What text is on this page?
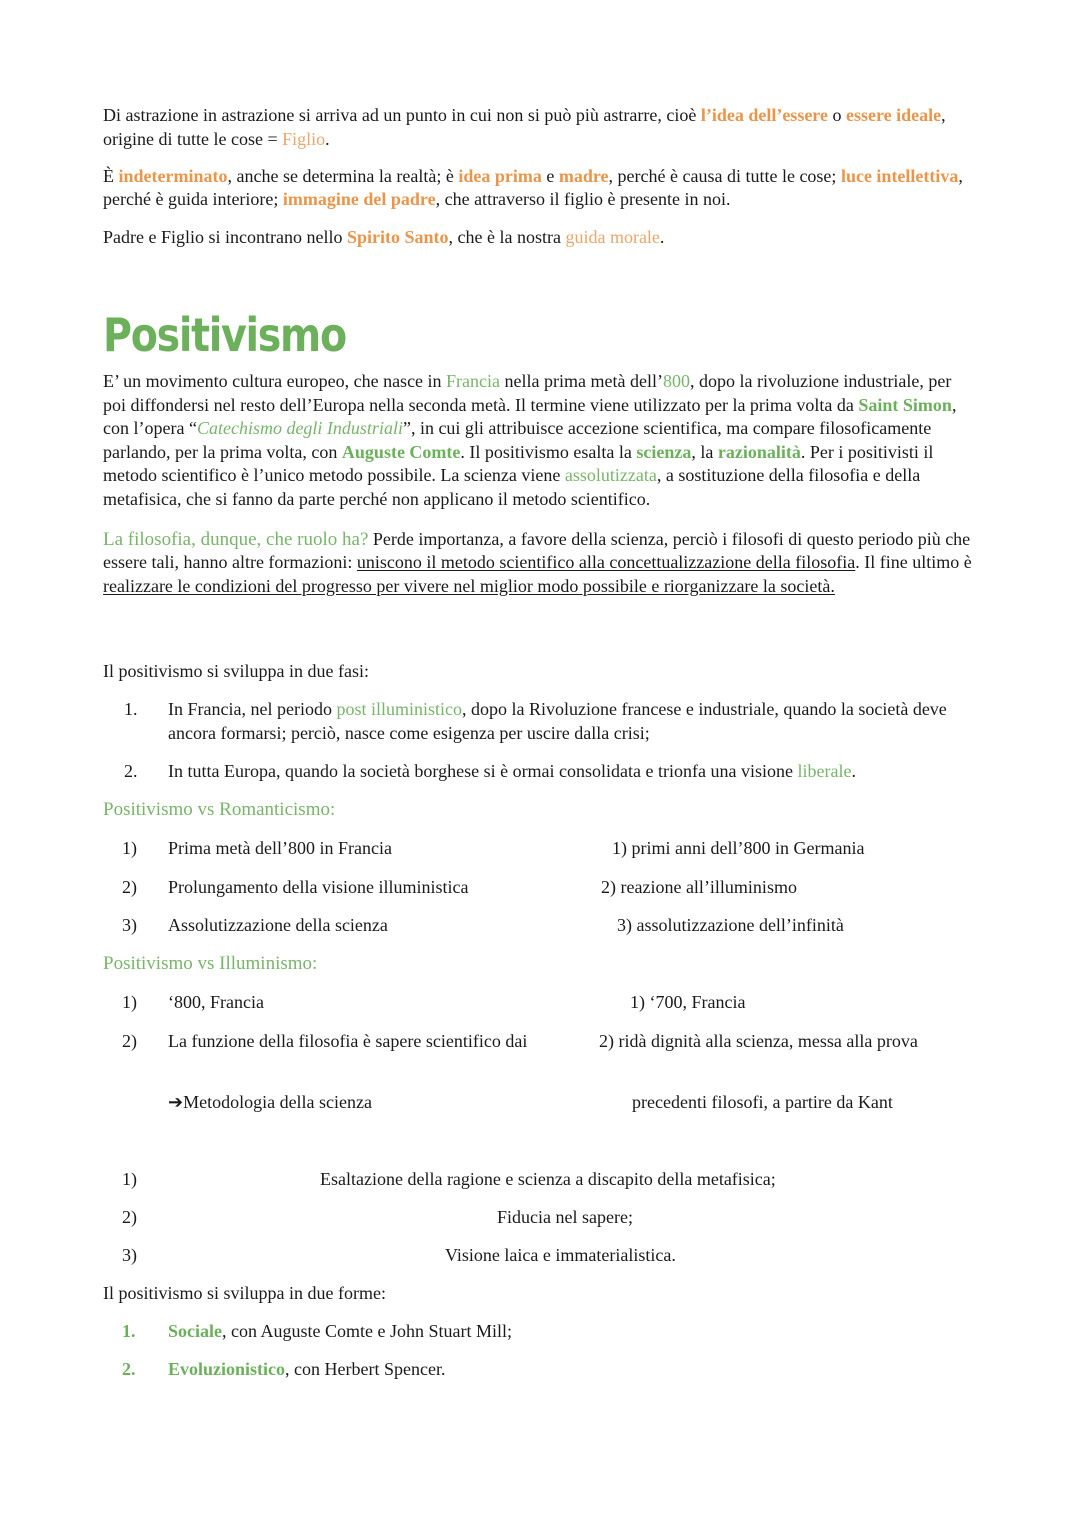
Di astrazione in astrazione si arriva ad un punto in cui non si può più astrarre, cioè l’idea dell’essere o essere ideale, origine di tutte le cose = Figlio.

È indeterminato, anche se determina la realtà; è idea prima e madre, perché è causa di tutte le cose; luce intellettiva, perché è guida interiore; immagine del padre, che attraverso il figlio è presente in noi.

Padre e Figlio si incontrano nello Spirito Santo, che è la nostra guida morale.

Positivismo

E’ un movimento cultura europeo, che nasce in Francia nella prima metà dell’800, dopo la rivoluzione industriale, per poi diffondersi nel resto dell’Europa nella seconda metà. Il termine viene utilizzato per la prima volta da Saint Simon, con l’opera “Catechismo degli Industriali”, in cui gli attribuisce accezione scientifica, ma compare filosoficamente parlando, per la prima volta, con Auguste Comte. Il positivismo esalta la scienza, la razionalità. Per i positivisti il metodo scientifico è l’unico metodo possibile. La scienza viene assolutizzata, a sostituzione della filosofia e della metafisica, che si fanno da parte perché non applicano il metodo scientifico.

La filosofia, dunque, che ruolo ha? Perde importanza, a favore della scienza, perciò i filosofi di questo periodo più che essere tali, hanno altre formazioni: uniscono il metodo scientifico alla concettualizzazione della filosofia. Il fine ultimo è realizzare le condizioni del progresso per vivere nel miglior modo possibile e riorganizzare la società.

Il positivismo si sviluppa in due fasi:
1. In Francia, nel periodo post illuministico, dopo la Rivoluzione francese e industriale, quando la società deve ancora formarsi; perciò, nasce come esigenza per uscire dalla crisi;

2. In tutta Europa, quando la società borghese si è ormai consolidata e trionfa una visione liberale.

Positivismo vs Romanticismo:
1) Prima metà dell’800 in Francia	1) primi anni dell’800 in Germania
2) Prolungamento della visione illuministica	2) reazione all’illuminismo
3) Assolutizzazione della scienza	3) assolutizzazione dell’infinità
Positivismo vs Illuminismo:
1) ‘800, Francia	1) ‘700, Francia
2) La funzione della filosofia è sapere scientifico dai	2) ridà dignità alla scienza, messa alla prova
➔Metodologia della scienza	precedenti filosofi, a partire da Kant
1)	Esaltazione della ragione e scienza a discapito della metafisica;
2)	Fiducia nel sapere;
3)	Visione laica e immaterialistica.
Il positivismo si sviluppa in due forme:
1. Sociale, con Auguste Comte e John Stuart Mill;
2. Evoluzionistico, con Herbert Spencer.
